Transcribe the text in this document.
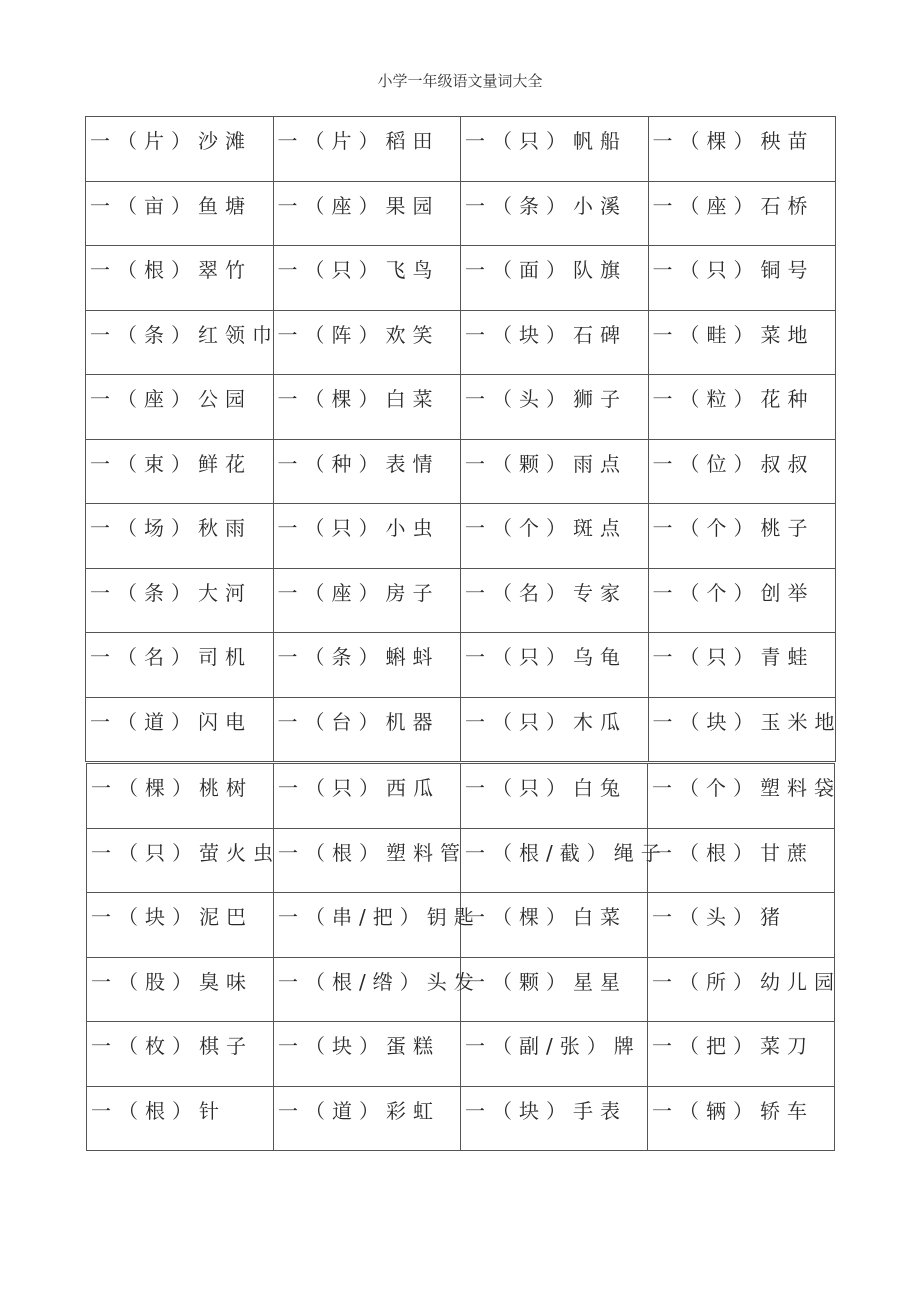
小学一年级语文量词大全
一（片）沙滩	一（片）稻田	一（只）帆船	一（棵）秧苗

一（亩）鱼塘	一（座）果园	一（条）小溪	一（座）石桥

一（根）翠竹	一（只）飞鸟	一（面）队旗	一（只）铜号

一（条）红领巾	一（阵）欢笑	一（块）石碑	一（畦）菜地

一（座）公园	一（棵）白菜	一（头）狮子	一（粒）花种

一（束）鲜花	一（种）表情	一（颗）雨点	一（位）叔叔

一（场）秋雨	一（只）小虫	一（个）斑点	一（个）桃子

一（条）大河	一（座）房子	一（名）专家	一（个）创举

一（名）司机	一（条）蝌蚪	一（只）乌龟	一（只）青蛙

一（道）闪电	一（台）机器	一（只）木瓜	一（块）玉米地
一（棵）桃树	一（只）西瓜	一（只）白兔	一（个）塑料袋

一（只）萤火虫	一（根）塑料管	一（根/截）绳子	一（根）甘蔗

一（块）泥巴	一（串/把）钥匙	一（棵）白菜	一（头）猪

一（股）臭味	一（根/绺）头发	一（颗）星星	一（所）幼儿园

一（枚）棋子	一（块）蛋糕	一（副/张）牌	一（把）菜刀

一（根）针	一（道）彩虹	一（块）手表	一（辆）轿车
